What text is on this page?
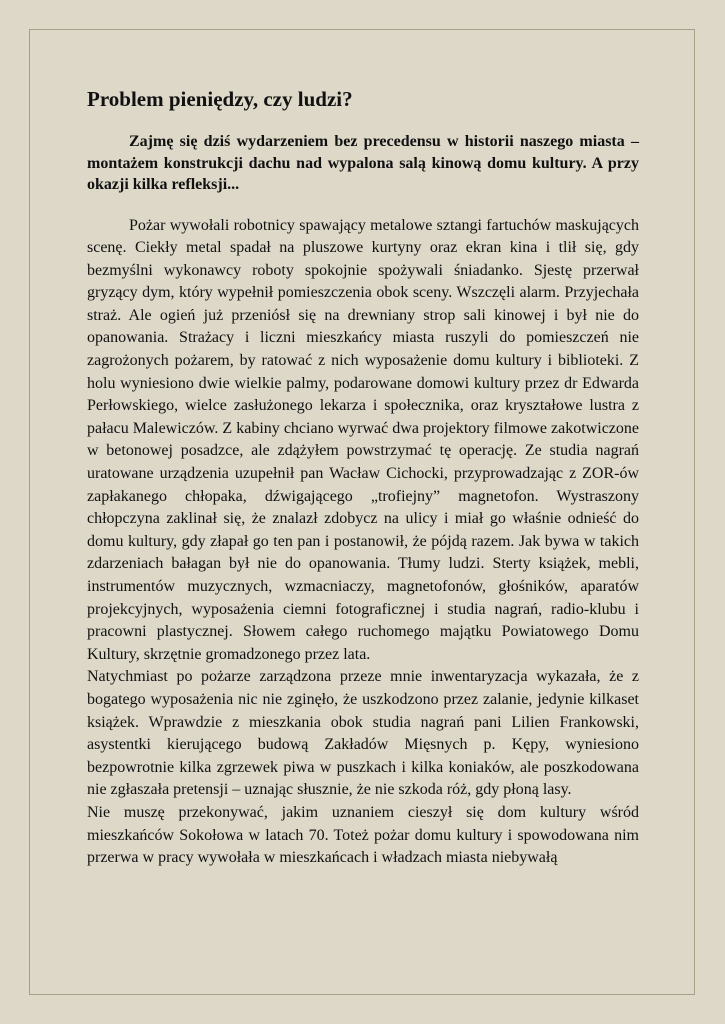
Problem pieniędzy, czy ludzi?

Zajmę się dziś wydarzeniem bez precedensu w historii naszego miasta – montażem konstrukcji dachu nad wypalona salą kinową domu kultury. A przy okazji kilka refleksji...

Pożar wywołali robotnicy spawający metalowe sztangi fartuchów maskujących scenę. Ciekły metal spadał na pluszowe kurtyny oraz ekran kina i tlił się, gdy bezmyślni wykonawcy roboty spokojnie spożywali śniadanko. Sjestę przerwał gryzący dym, który wypełnił pomieszczenia obok sceny. Wszczęli alarm. Przyjechała straż. Ale ogień już przeniósł się na drewniany strop sali kinowej i był nie do opanowania. Strażacy i liczni mieszkańcy miasta ruszyli do pomieszczeń nie zagrożonych pożarem, by ratować z nich wyposażenie domu kultury i biblioteki. Z holu wyniesiono dwie wielkie palmy, podarowane domowi kultury przez dr Edwarda Perłowskiego, wielce zasłużonego lekarza i społecznika, oraz kryształowe lustra z pałacu Malewiczów. Z kabiny chciano wyrwać dwa projektory filmowe zakotwiczone w betonowej posadzce, ale zdążyłem powstrzymać tę operację. Ze studia nagrań uratowane urządzenia uzupełnił pan Wacław Cichocki, przyprowadzając z ZOR-ów zapłakanego chłopaka, dźwigającego „trofiejny” magnetofon. Wystraszony chłopczyna zaklinał się, że znalazł zdobycz na ulicy i miał go właśnie odnieść do domu kultury, gdy złapał go ten pan i postanowił, że pójdą razem. Jak bywa w takich zdarzeniach bałagan był nie do opanowania. Tłumy ludzi. Sterty książek, mebli, instrumentów muzycznych, wzmacniaczy, magnetofonów, głośników, aparatów projekcyjnych, wyposażenia ciemni fotograficznej i studia nagrań, radio-klubu i pracowni plastycznej. Słowem całego ruchomego majątku Powiatowego Domu Kultury, skrzętnie gromadzonego przez lata.

Natychmiast po pożarze zarządzona przeze mnie inwentaryzacja wykazała, że z bogatego wyposażenia nic nie zginęło, że uszkodzono przez zalanie, jedynie kilkaset książek. Wprawdzie z mieszkania obok studia nagrań pani Lilien Frankowski, asystentki kierującego budową Zakładów Mięsnych p. Kępy, wyniesiono bezpowrotnie kilka zgrzewek piwa w puszkach i kilka koniaków, ale poszkodowana nie zgłaszała pretensji – uznając słusznie, że nie szkoda róż, gdy płoną lasy.

Nie muszę przekonywać, jakim uznaniem cieszył się dom kultury wśród mieszkańców Sokołowa w latach 70. Toteż pożar domu kultury i spowodowana nim przerwa w pracy wywołała w mieszkańcach i władzach miasta niebywałą
